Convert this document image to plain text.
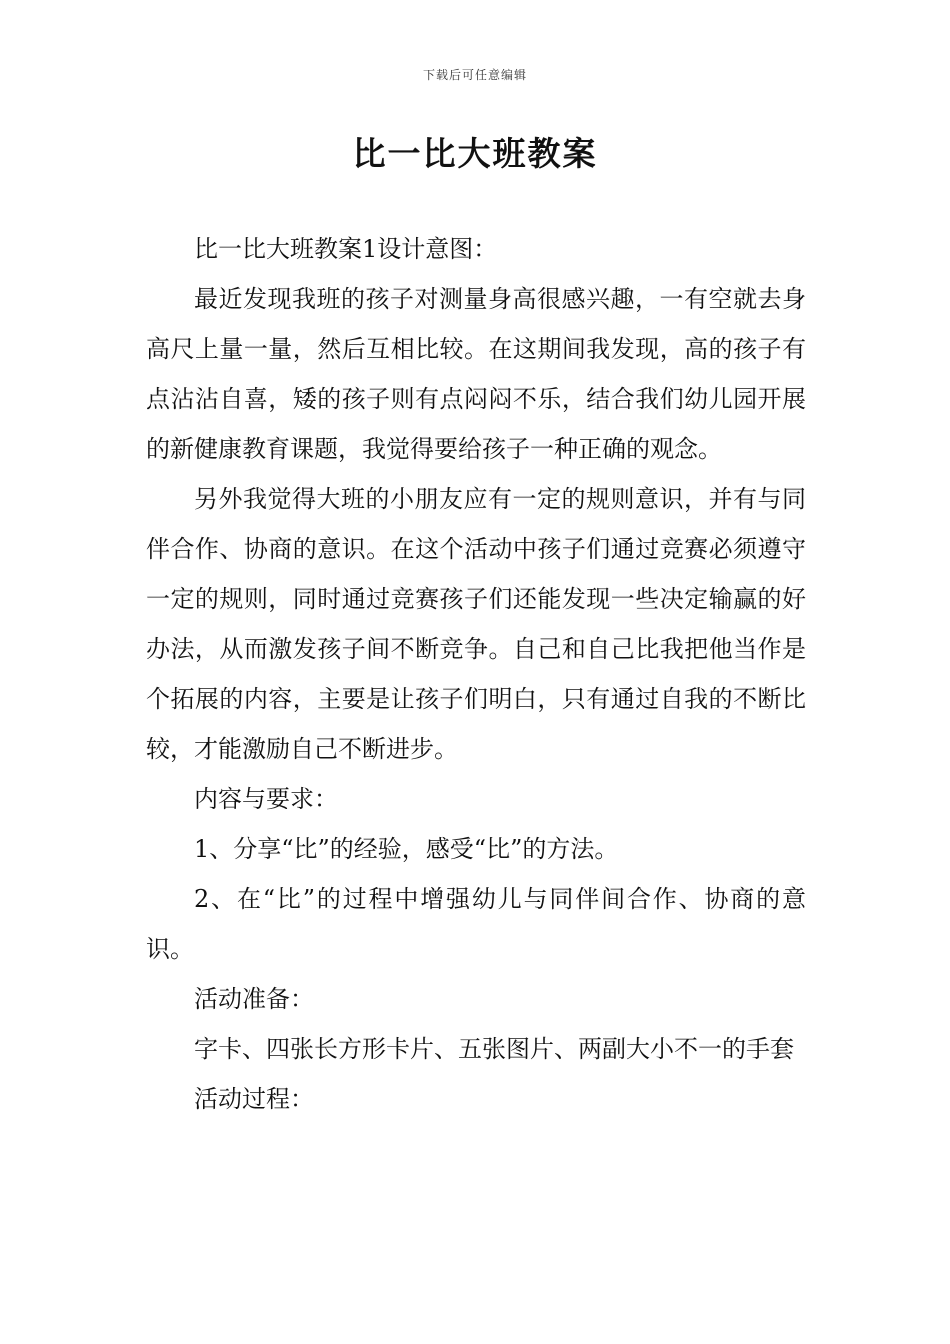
下载后可任意编辑
比一比大班教案

比一比大班教案1设计意图：

最近发现我班的孩子对测量身高很感兴趣，一有空就去身高尺上量一量，然后互相比较。在这期间我发现，高的孩子有点沾沾自喜，矮的孩子则有点闷闷不乐，结合我们幼儿园开展的新健康教育课题，我觉得要给孩子一种正确的观念。

另外我觉得大班的小朋友应有一定的规则意识，并有与同伴合作、协商的意识。在这个活动中孩子们通过竞赛必须遵守一定的规则，同时通过竞赛孩子们还能发现一些决定输赢的好办法，从而激发孩子间不断竞争。自己和自己比我把他当作是个拓展的内容，主要是让孩子们明白，只有通过自我的不断比较，才能激励自己不断进步。

内容与要求：

1、分享“比”的经验，感受“比”的方法。

2、在“比”的过程中增强幼儿与同伴间合作、协商的意识。

活动准备：

字卡、四张长方形卡片、五张图片、两副大小不一的手套

活动过程：
